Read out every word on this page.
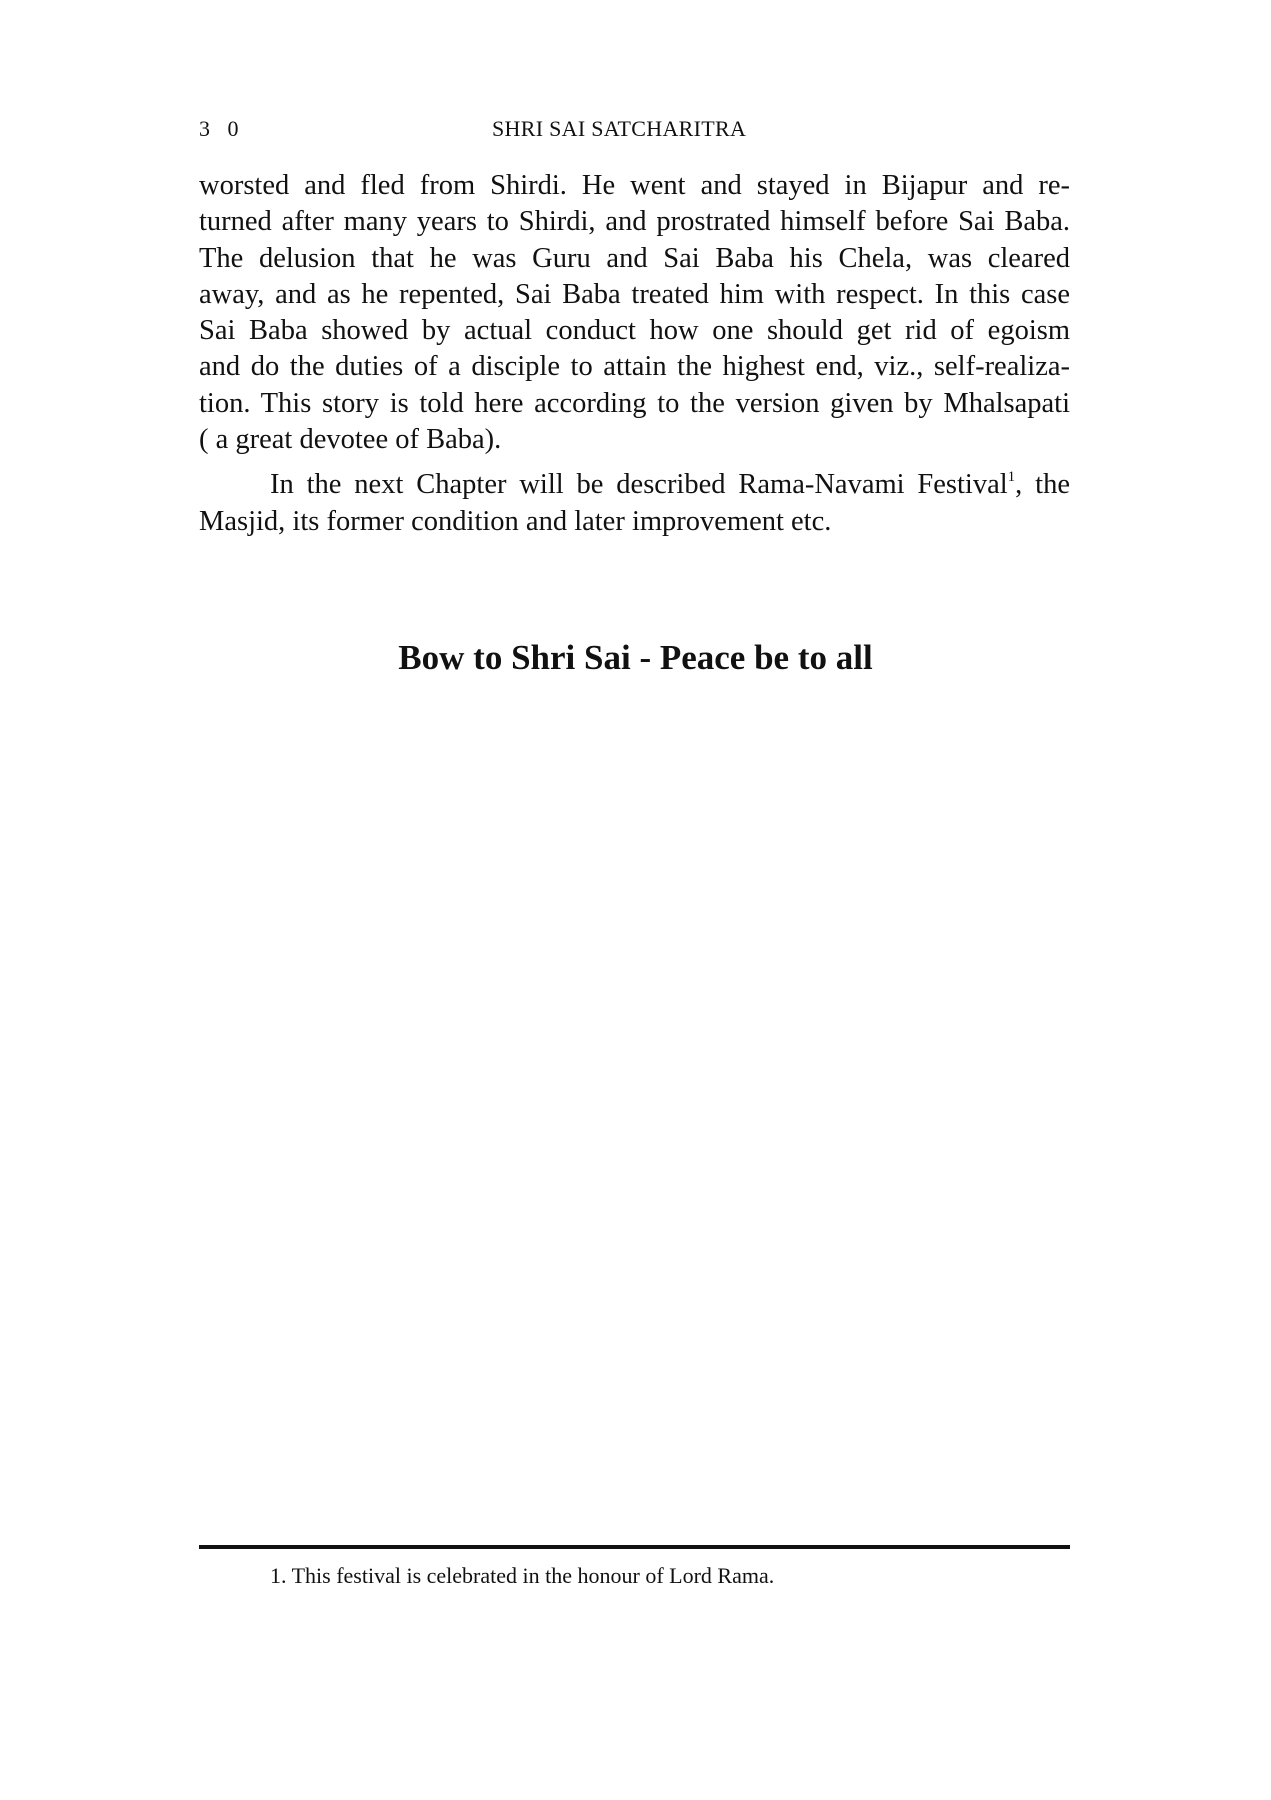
3 0	SHRI SAI SATCHARITRA

worsted and fled from Shirdi. He went and stayed in Bijapur and re-
turned after many years to Shirdi, and prostrated himself before Sai Baba.
The delusion that he was Guru and Sai Baba his Chela, was cleared
away, and as he repented, Sai Baba treated him with respect. In this case
Sai Baba showed by actual conduct how one should get rid of egoism
and do the duties of a disciple to attain the highest end, viz., self-realiza-
tion. This story is told here according to the version given by Mhalsapati
( a great devotee of Baba).

In the next Chapter will be described Rama-Navami Festival$^1$, the
Masjid, its former condition and later improvement etc.

Bow to Shri Sai - Peace be to all
1. This festival is celebrated in the honour of Lord Rama.
